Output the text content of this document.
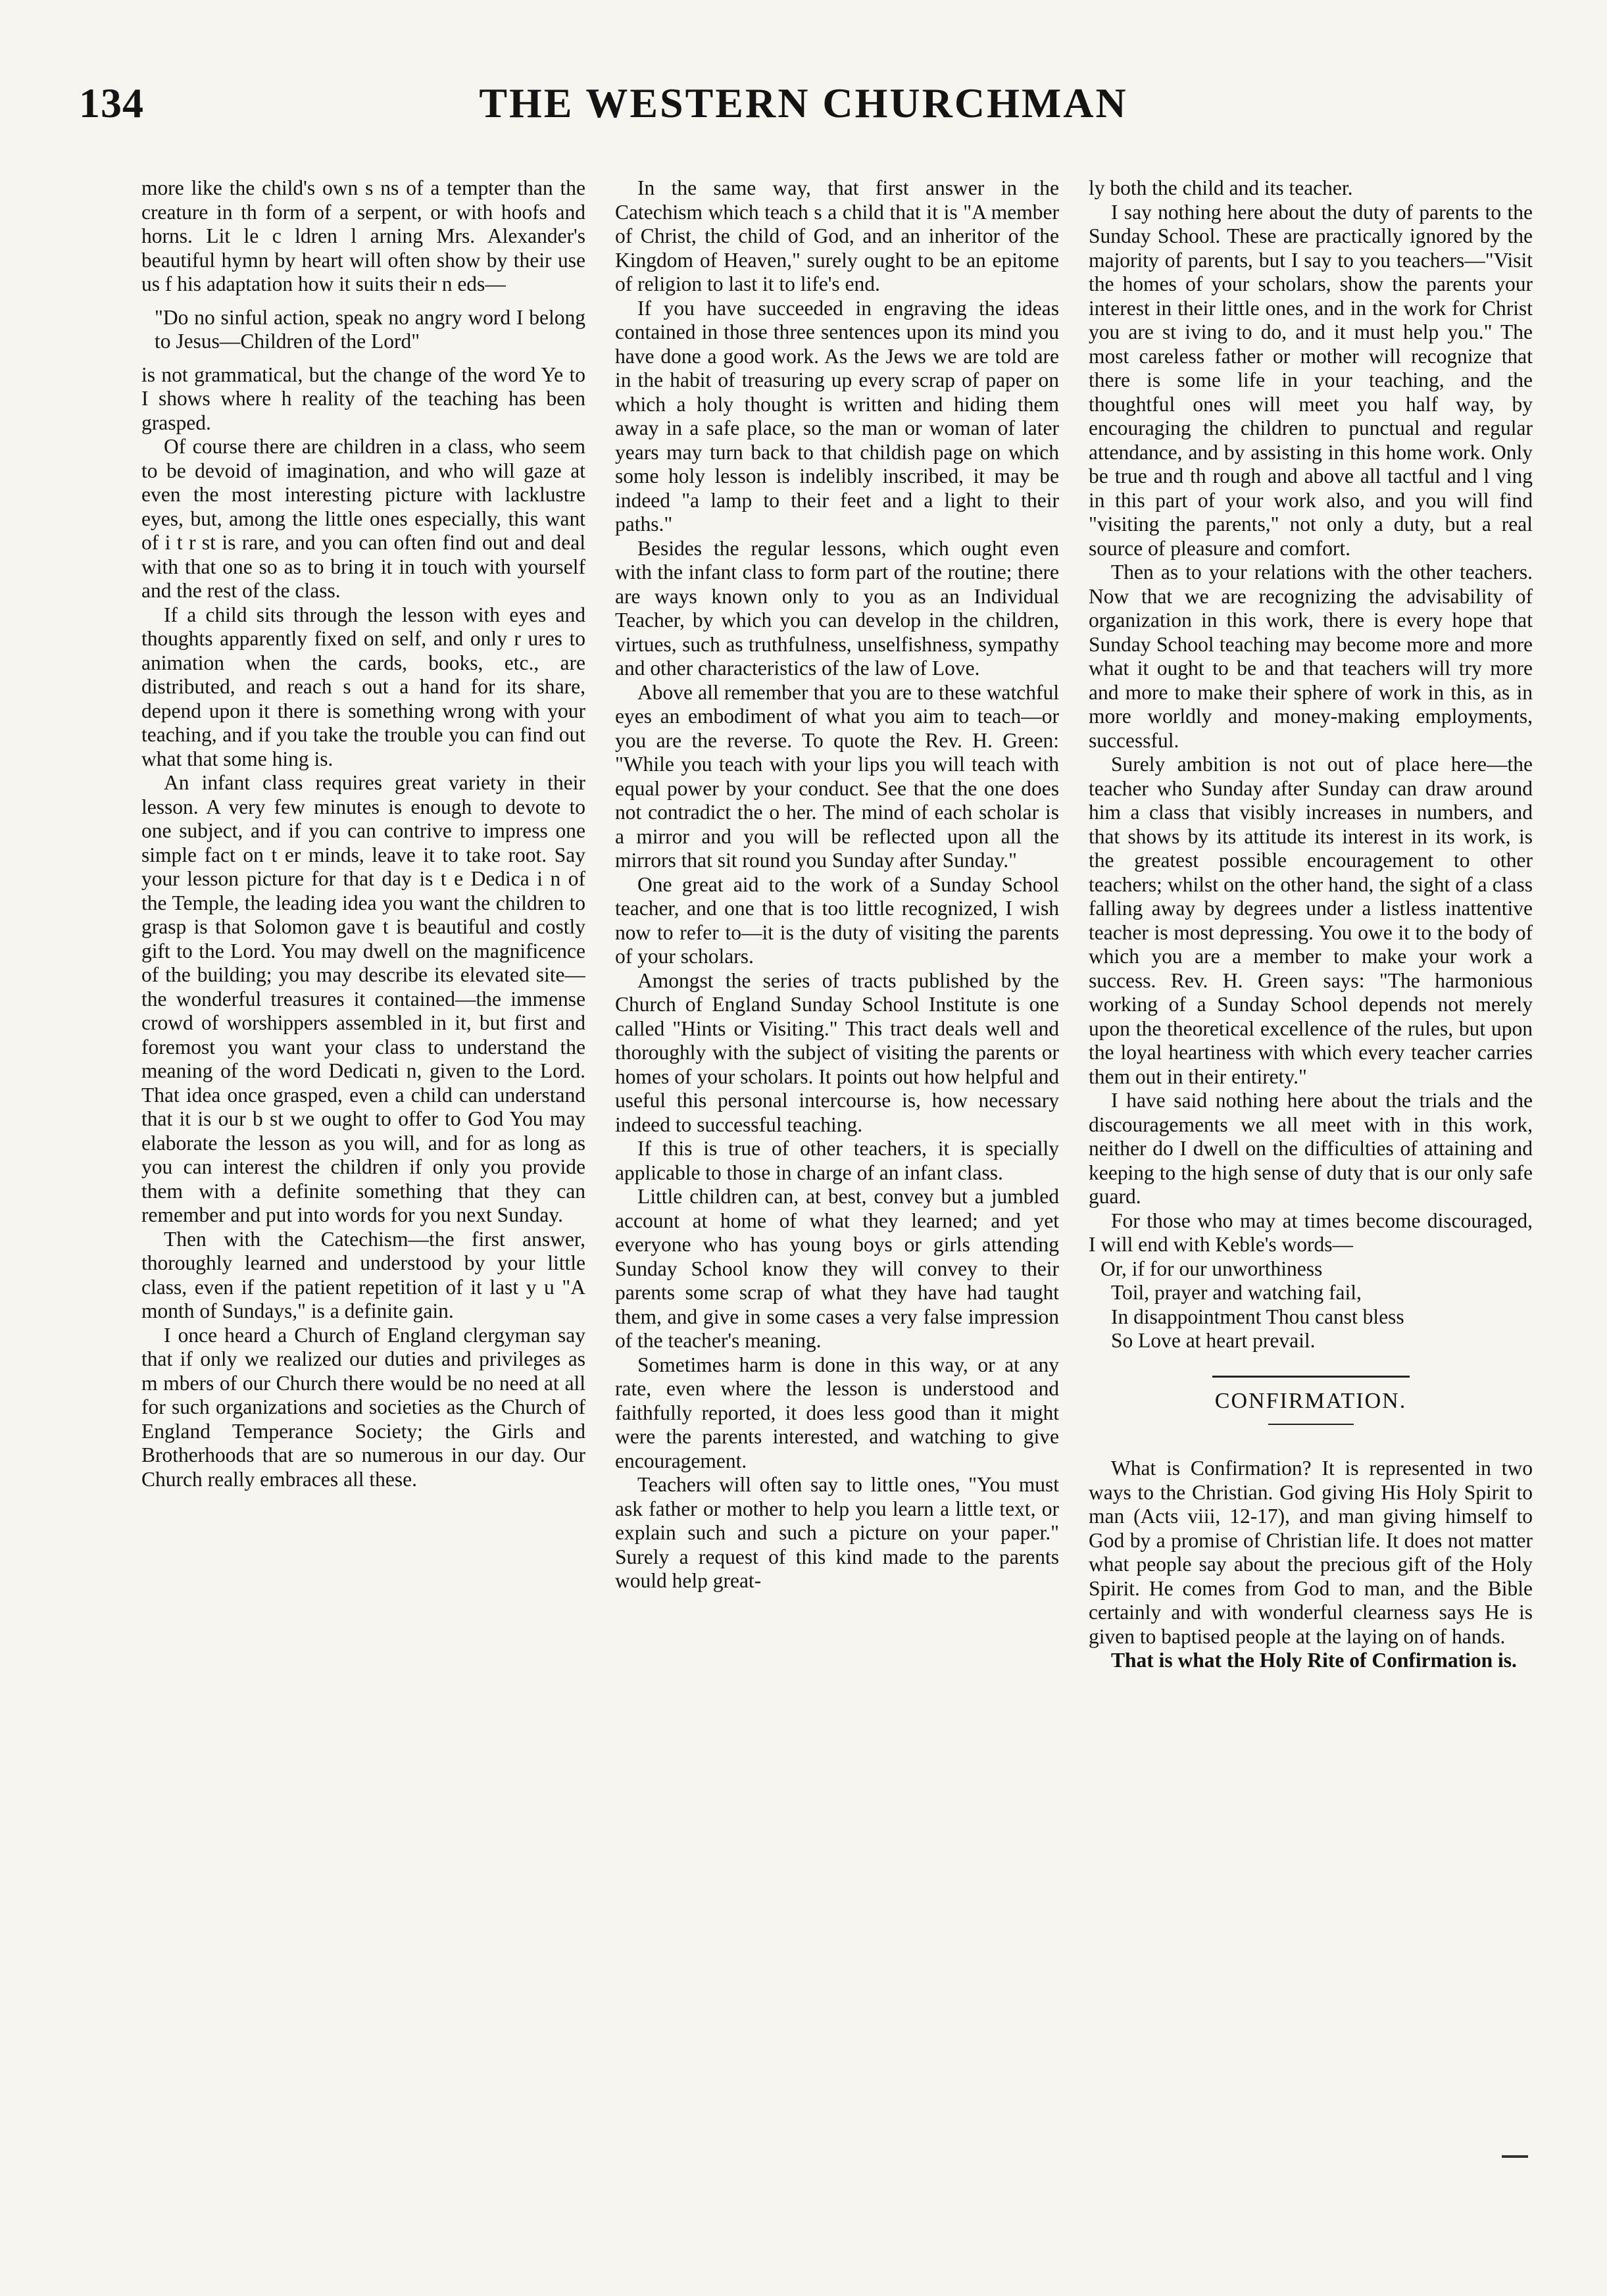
134	THE WESTERN CHURCHMAN

more like the child's own s ns of a tempter than the creature in th form of a serpent, or with hoofs and horns. Lit le c ldren l arning Mrs. Alexander's beautiful hymn by heart will often show by their use us f his adaptation how it suits their n eds—

"Do no sinful action, speak no angry word I belong to Jesus—Children of the Lord"

is not grammatical, but the change of the word Ye to I shows where h reality of the teaching has been grasped.

Of course there are children in a class, who seem to be devoid of imagination, and who will gaze at even the most interesting picture with lacklustre eyes, but, among the little ones especially, this want of i t r st is rare, and you can often find out and deal with that one so as to bring it in touch with yourself and the rest of the class.

If a child sits through the lesson with eyes and thoughts apparently fixed on self, and only r ures to animation when the cards, books, etc., are distributed, and reach s out a hand for its share, depend upon it there is something wrong with your teaching, and if you take the trouble you can find out what that some hing is.

An infant class requires great variety in their lesson. A very few minutes is enough to devote to one subject, and if you can contrive to impress one simple fact on t er minds, leave it to take root. Say your lesson picture for that day is t e Dedica i n of the Temple, the leading idea you want the children to grasp is that Solomon gave t is beautiful and costly gift to the Lord. You may dwell on the magnificence of the building; you may describe its elevated site—the wonderful treasures it contained—the immense crowd of worshippers assembled in it, but first and foremost you want your class to understand the meaning of the word Dedicati n, given to the Lord. That idea once grasped, even a child can understand that it is our b st we ought to offer to God You may elaborate the lesson as you will, and for as long as you can interest the children if only you provide them with a definite something that they can remember and put into words for you next Sunday.

Then with the Catechism—the first answer, thoroughly learned and understood by your little class, even if the patient repetition of it last y u "A month of Sundays," is a definite gain.

I once heard a Church of England clergyman say that if only we realized our duties and privileges as m mbers of our Church there would be no need at all for such organizations and societies as the Church of England Temperance Society; the Girls and Brotherhoods that are so numerous in our day. Our Church really embraces all these.

In the same way, that first answer in the Catechism which teach s a child that it is "A member of Christ, the child of God, and an inheritor of the Kingdom of Heaven," surely ought to be an epitome of religion to last it to life's end.

If you have succeeded in engraving the ideas contained in those three sentences upon its mind you have done a good work. As the Jews we are told are in the habit of treasuring up every scrap of paper on which a holy thought is written and hiding them away in a safe place, so the man or woman of later years may turn back to that childish page on which some holy lesson is indelibly inscribed, it may be indeed "a lamp to their feet and a light to their paths."

Besides the regular lessons, which ought even with the infant class to form part of the routine; there are ways known only to you as an Individual Teacher, by which you can develop in the children, virtues, such as truthfulness, unselfishness, sympathy and other characteristics of the law of Love.

Above all remember that you are to these watchful eyes an embodiment of what you aim to teach—or you are the reverse. To quote the Rev. H. Green: "While you teach with your lips you will teach with equal power by your conduct. See that the one does not contradict the o her. The mind of each scholar is a mirror and you will be reflected upon all the mirrors that sit round you Sunday after Sunday."

One great aid to the work of a Sunday School teacher, and one that is too little recognized, I wish now to refer to—it is the duty of visiting the parents of your scholars.

Amongst the series of tracts published by the Church of England Sunday School Institute is one called "Hints or Visiting." This tract deals well and thoroughly with the subject of visiting the parents or homes of your scholars. It points out how helpful and useful this personal intercourse is, how necessary indeed to successful teaching.

If this is true of other teachers, it is specially applicable to those in charge of an infant class.

Little children can, at best, convey but a jumbled account at home of what they learned; and yet everyone who has young boys or girls attending Sunday School know they will convey to their parents some scrap of what they have had taught them, and give in some cases a very false impression of the teacher's meaning.

Sometimes harm is done in this way, or at any rate, even where the lesson is understood and faithfully reported, it does less good than it might were the parents interested, and watching to give encouragement.

Teachers will often say to little ones, "You must ask father or mother to help you learn a little text, or explain such and such a picture on your paper." Surely a request of this kind made to the parents would help great-

ly both the child and its teacher.

I say nothing here about the duty of parents to the Sunday School. These are practically ignored by the majority of parents, but I say to you teachers—"Visit the homes of your scholars, show the parents your interest in their little ones, and in the work for Christ you are st iving to do, and it must help you." The most careless father or mother will recognize that there is some life in your teaching, and the thoughtful ones will meet you half way, by encouraging the children to punctual and regular attendance, and by assisting in this home work. Only be true and th rough and above all tactful and l ving in this part of your work also, and you will find "visiting the parents," not only a duty, but a real source of pleasure and comfort.

Then as to your relations with the other teachers. Now that we are recognizing the advisability of organization in this work, there is every hope that Sunday School teaching may become more and more what it ought to be and that teachers will try more and more to make their sphere of work in this, as in more worldly and money-making employments, successful.

Surely ambition is not out of place here—the teacher who Sunday after Sunday can draw around him a class that visibly increases in numbers, and that shows by its attitude its interest in its work, is the greatest possible encouragement to other teachers; whilst on the other hand, the sight of a class falling away by degrees under a listless inattentive teacher is most depressing. You owe it to the body of which you are a member to make your work a success. Rev. H. Green says: "The harmonious working of a Sunday School depends not merely upon the theoretical excellence of the rules, but upon the loyal heartiness with which every teacher carries them out in their entirety."

I have said nothing here about the trials and the discouragements we all meet with in this work, neither do I dwell on the difficulties of attaining and keeping to the high sense of duty that is our only safe guard.

For those who may at times become discouraged, I will end with Keble's words—

Or, if for our unworthiness

Toil, prayer and watching fail,

In disappointment Thou canst bless

So Love at heart prevail.

CONFIRMATION.

What is Confirmation? It is represented in two ways to the Christian. God giving His Holy Spirit to man (Acts viii, 12-17), and man giving himself to God by a promise of Christian life. It does not matter what people say about the precious gift of the Holy Spirit. He comes from God to man, and the Bible certainly and with wonderful clearness says He is given to baptised people at the laying on of hands.

That is what the Holy Rite of Confirmation is.
